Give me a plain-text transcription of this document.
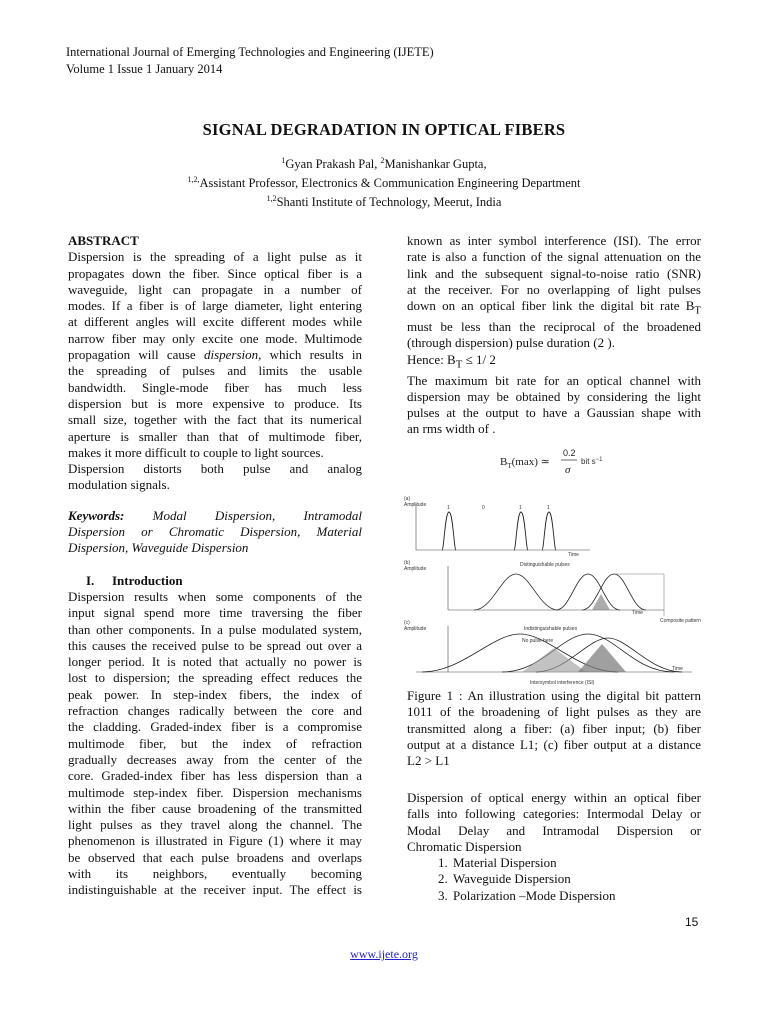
International Journal of Emerging Technologies and Engineering (IJETE)
Volume 1 Issue 1 January 2014
SIGNAL DEGRADATION IN OPTICAL FIBERS
$^1$Gyan Prakash Pal, $^2$Manishankar Gupta,
$^{1,2,}$Assistant Professor, Electronics & Communication Engineering Department
$^{1,2}$Shanti Institute of Technology, Meerut, India
ABSTRACT

Dispersion is the spreading of a light pulse as it

propagates down the fiber. Since optical fiber is a

waveguide, light can propagate in a number of

modes. If a fiber is of large diameter, light entering

at different angles will excite different modes while

narrow fiber may only excite one mode. Multimode

propagation will cause dispersion, which results in

the spreading of pulses and limits the usable

bandwidth. Single-mode fiber has much less

dispersion but is more expensive to produce. Its

small size, together with the fact that its numerical

aperture is smaller than that of multimode fiber,

makes it more difficult to couple to light sources.

Dispersion distorts both pulse and analog

modulation signals.

Keywords: Modal Dispersion, Intramodal

Dispersion or Chromatic Dispersion, Material

Dispersion, Waveguide Dispersion

I. Introduction

Dispersion results when some components of the

input signal spend more time traversing the fiber

than other components. In a pulse modulated system,

this causes the received pulse to be spread out over a

longer period. It is noted that actually no power is

lost to dispersion; the spreading effect reduces the

peak power. In step-index fibers, the index of

refraction changes radically between the core and

the cladding. Graded-index fiber is a compromise

multimode fiber, but the index of refraction

gradually decreases away from the center of the

core. Graded-index fiber has less dispersion than a

multimode step-index fiber. Dispersion mechanisms

within the fiber cause broadening of the transmitted

light pulses as they travel along the channel. The

phenomenon is illustrated in Figure (1) where it may

be observed that each pulse broadens and overlaps

with its neighbors, eventually becoming

indistinguishable at the receiver input. The effect is

known as inter symbol interference (ISI). The error

rate is also a function of the signal attenuation on the

link and the subsequent signal-to-noise ratio (SNR)

at the receiver. For no overlapping of light pulses

down on an optical fiber link the digital bit rate $B_T$

must be less than the reciprocal of the broadened

(through dispersion) pulse duration (2 ).

Hence: $B_T \le 1/$ 2

The maximum bit rate for an optical channel with

dispersion may be obtained by considering the light

pulses at the output to have a Gaussian shape with

an rms width of .

$B_T(\max)$ ≃
0.2
σ
bit $s^{-1}$
(a)
Amplitude	1	0	1	1
Time
(b)
Amplitude
Distinguishable pulses
Time
Composite pattern
(c)
Amplitude	Indistinguishable pulses
No pulse here
Time
Intersymbol interference (ISI)

Figure 1 : An illustration using the digital bit pattern

1011 of the broadening of light pulses as they are

transmitted along a fiber: (a) fiber input; (b) fiber

output at a distance L1; (c) fiber output at a distance

L2 > L1

Dispersion of optical energy within an optical fiber

falls into following categories: Intermodal Delay or

Modal Delay and Intramodal Dispersion or

Chromatic Dispersion

1. Material Dispersion
2. Waveguide Dispersion
3. Polarization –Mode Dispersion
15
www.ijete.org
